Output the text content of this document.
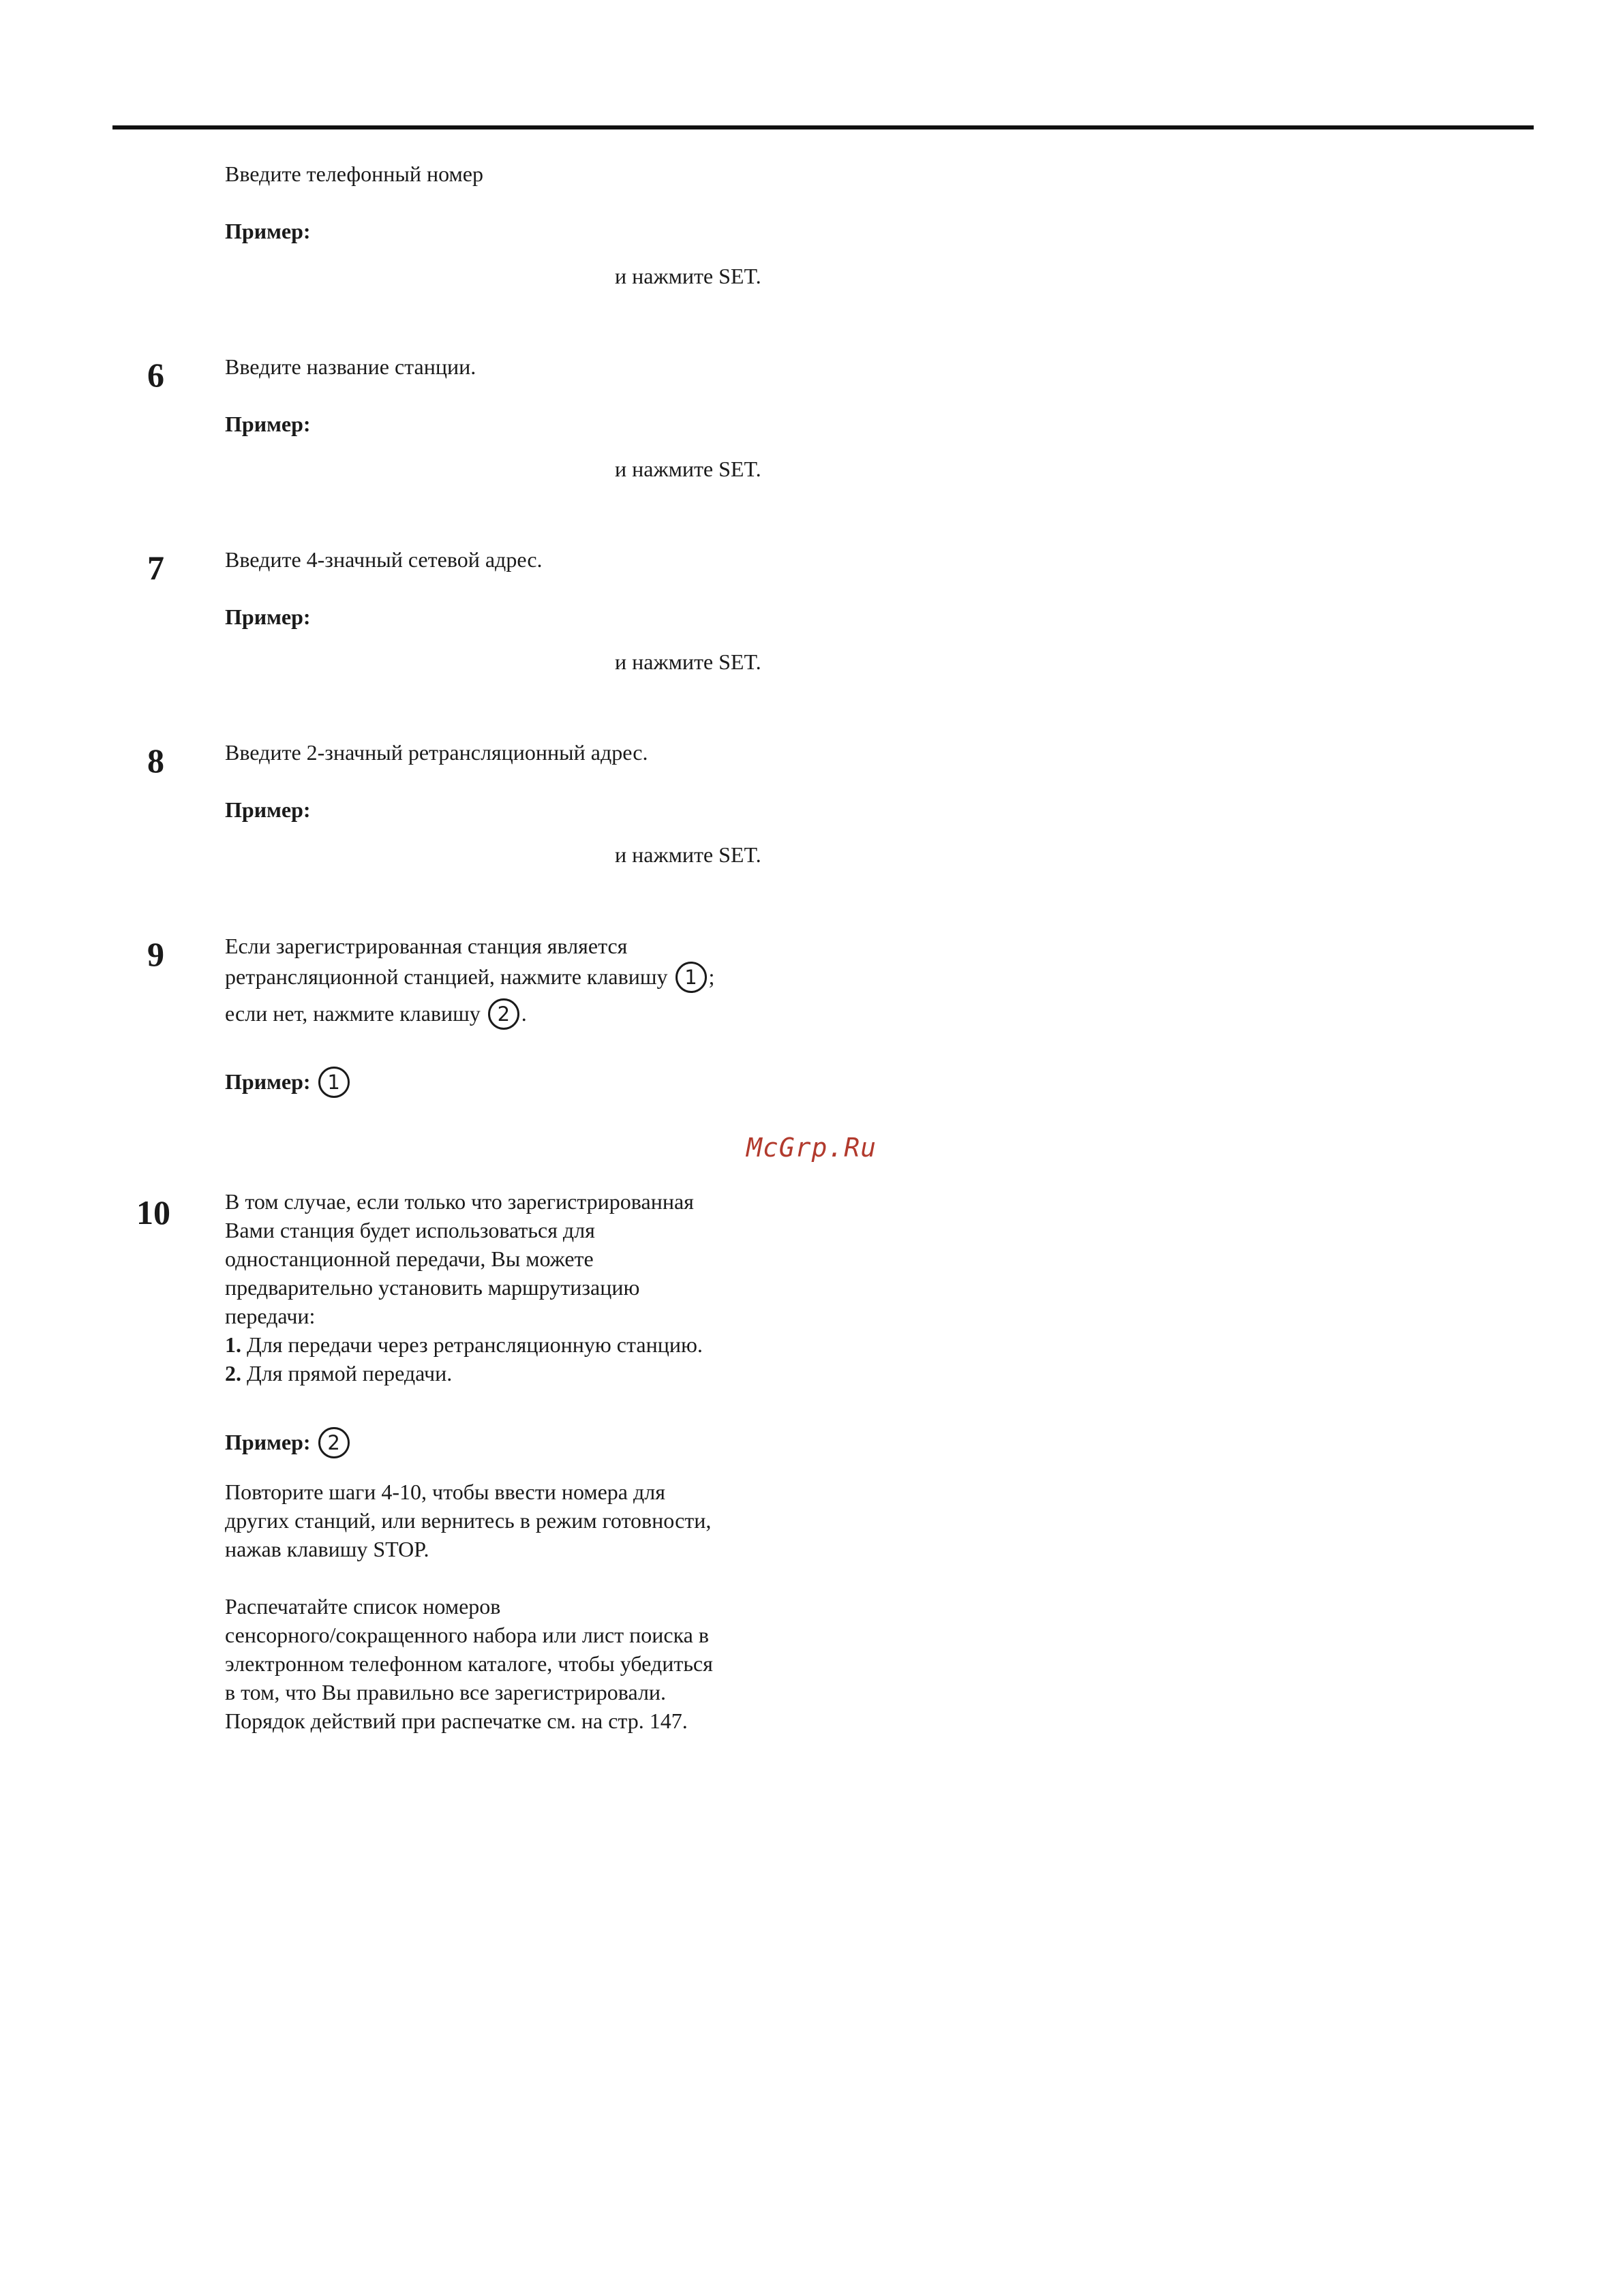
Введите телефонный номер
Пример:
и нажмите SET.
6	Введите название станции.
Пример:
и нажмите SET.
7	Введите 4-значный сетевой адрес.
Пример:
и нажмите SET.
8	Введите 2-значный ретрансляционный адрес.
Пример:
и нажмите SET.
9	Если зарегистрированная станция является
ретрансляционной станцией, нажмите клавишу 1 ;
если нет, нажмите клавишу 2 .
Пример: 1
McGrp.Ru
10	В том случае, если только что зарегистрированная
Вами станция будет использоваться для
одностанционной передачи, Вы можете
предварительно установить маршрутизацию
передачи:
1. Для передачи через ретрансляционную станцию.
2. Для прямой передачи.
Пример: 2
Повторите шаги 4-10, чтобы ввести номера для
других станций, или вернитесь в режим готовности,
нажав клавишу STOP.
Распечатайте список номеров
сенсорного/сокращенного набора или лист поиска в
электронном телефонном каталоге, чтобы убедиться
в том, что Вы правильно все зарегистрировали.
Порядок действий при распечатке см. на стр. 147.
